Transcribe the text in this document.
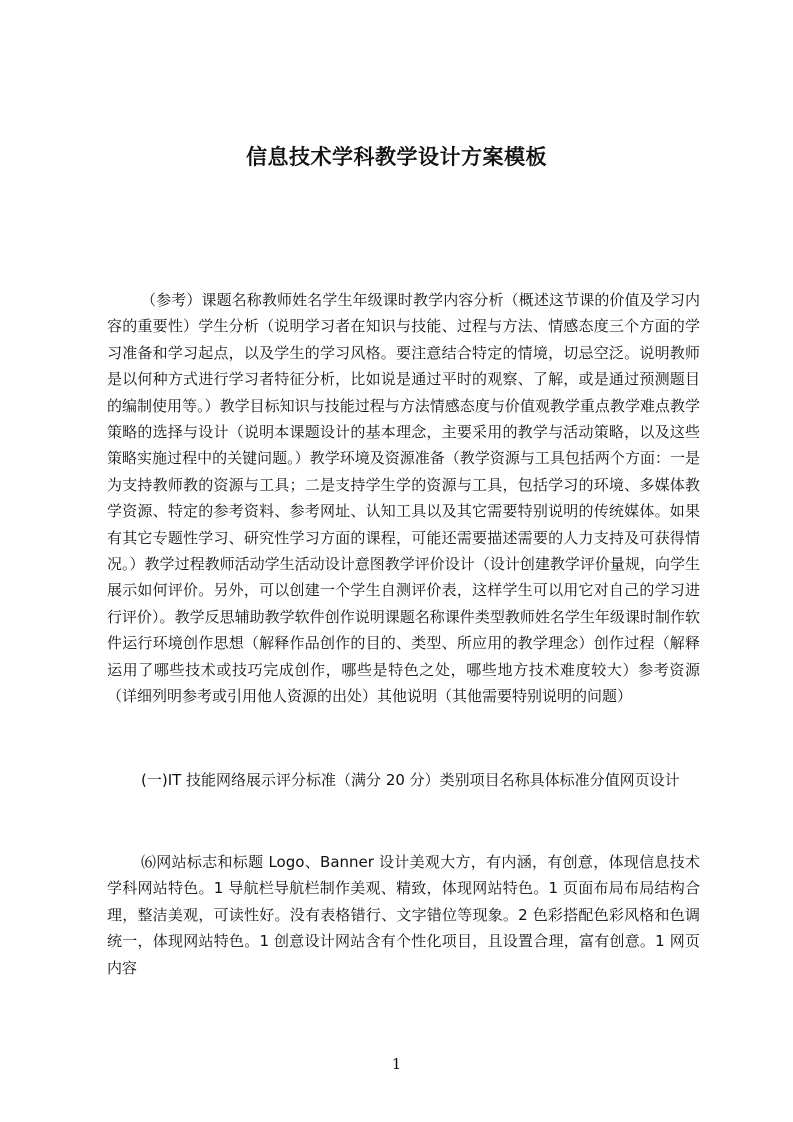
信息技术学科教学设计方案模板

（参考）课题名称教师姓名学生年级课时教学内容分析（概述这节课的价值及学习内容的重要性）学生分析（说明学习者在知识与技能、过程与方法、情感态度三个方面的学习准备和学习起点，以及学生的学习风格。要注意结合特定的情境，切忌空泛。说明教师是以何种方式进行学习者特征分析，比如说是通过平时的观察、了解，或是通过预测题目的编制使用等。）教学目标知识与技能过程与方法情感态度与价值观教学重点教学难点教学策略的选择与设计（说明本课题设计的基本理念，主要采用的教学与活动策略，以及这些策略实施过程中的关键问题。）教学环境及资源准备（教学资源与工具包括两个方面：一是为支持教师教的资源与工具；二是支持学生学的资源与工具，包括学习的环境、多媒体教学资源、特定的参考资料、参考网址、认知工具以及其它需要特别说明的传统媒体。如果有其它专题性学习、研究性学习方面的课程，可能还需要描述需要的人力支持及可获得情况。）教学过程教师活动学生活动设计意图教学评价设计（设计创建教学评价量规，向学生展示如何评价。另外，可以创建一个学生自测评价表，这样学生可以用它对自己的学习进行评价）。教学反思辅助教学软件创作说明课题名称课件类型教师姓名学生年级课时制作软件运行环境创作思想（解释作品创作的目的、类型、所应用的教学理念）创作过程（解释运用了哪些技术或技巧完成创作，哪些是特色之处，哪些地方技术难度较大）参考资源（详细列明参考或引用他人资源的出处）其他说明（其他需要特别说明的问题）

(一)IT 技能网络展示评分标准（满分 20 分）类别项目名称具体标准分值网页设计

⑹网站标志和标题 Logo、Banner 设计美观大方，有内涵，有创意，体现信息技术学科网站特色。1 导航栏导航栏制作美观、精致，体现网站特色。1 页面布局布局结构合理，整洁美观，可读性好。没有表格错行、文字错位等现象。2 色彩搭配色彩风格和色调统一，体现网站特色。1 创意设计网站含有个性化项目，且设置合理，富有创意。1 网页内容

1
